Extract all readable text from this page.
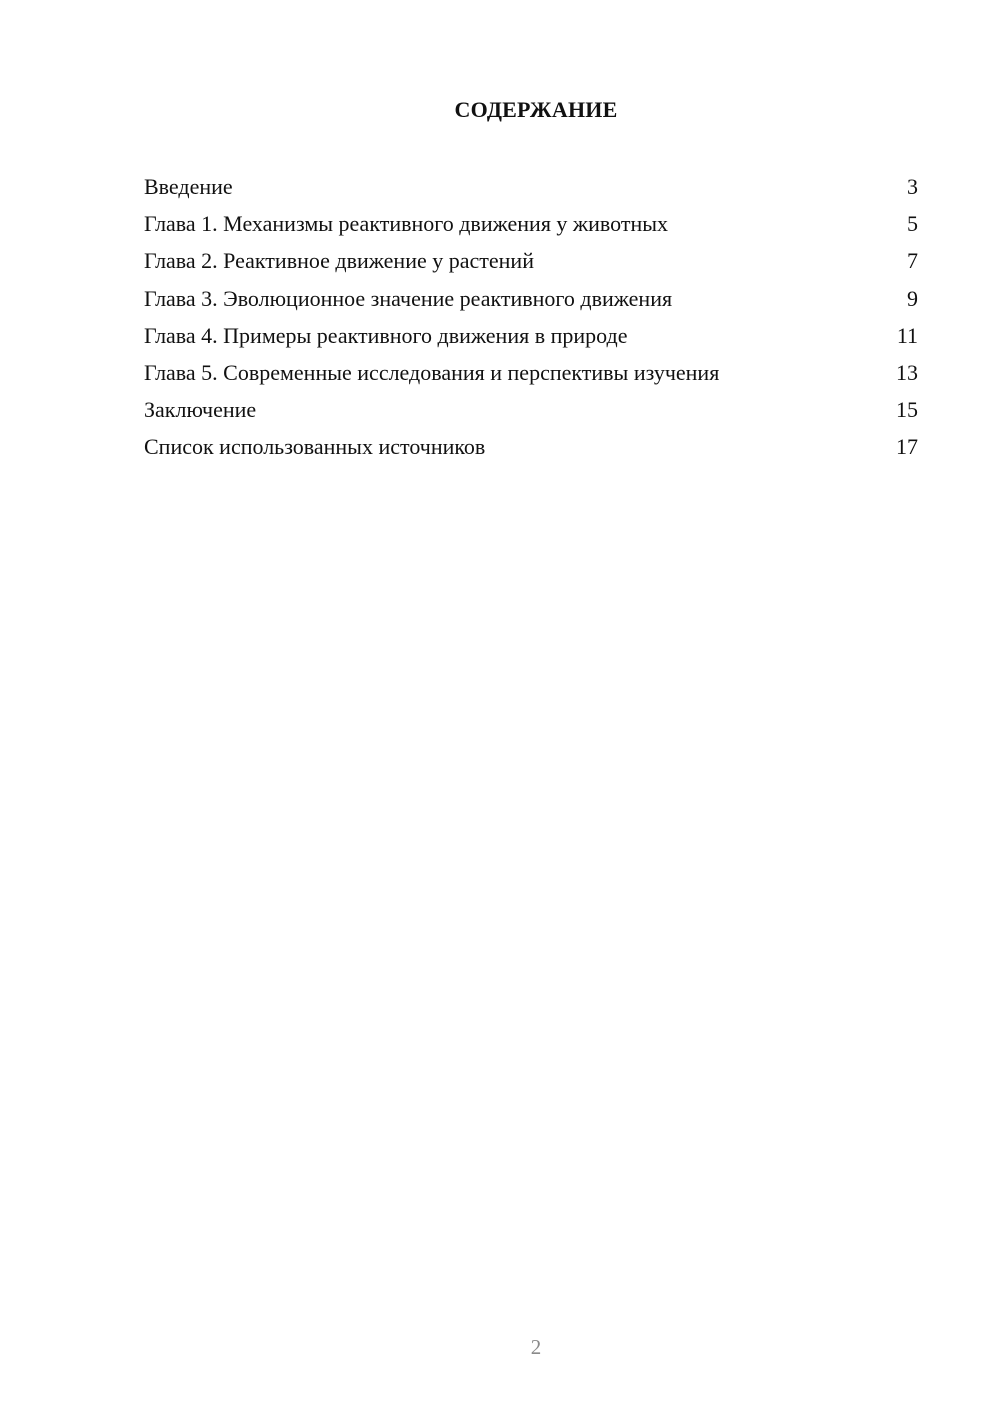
СОДЕРЖАНИЕ
Введение	3
Глава 1. Механизмы реактивного движения у животных	5
Глава 2. Реактивное движение у растений	7
Глава 3. Эволюционное значение реактивного движения	9
Глава 4. Примеры реактивного движения в природе	11
Глава 5. Современные исследования и перспективы изучения	13
Заключение	15
Список использованных источников	17
2
